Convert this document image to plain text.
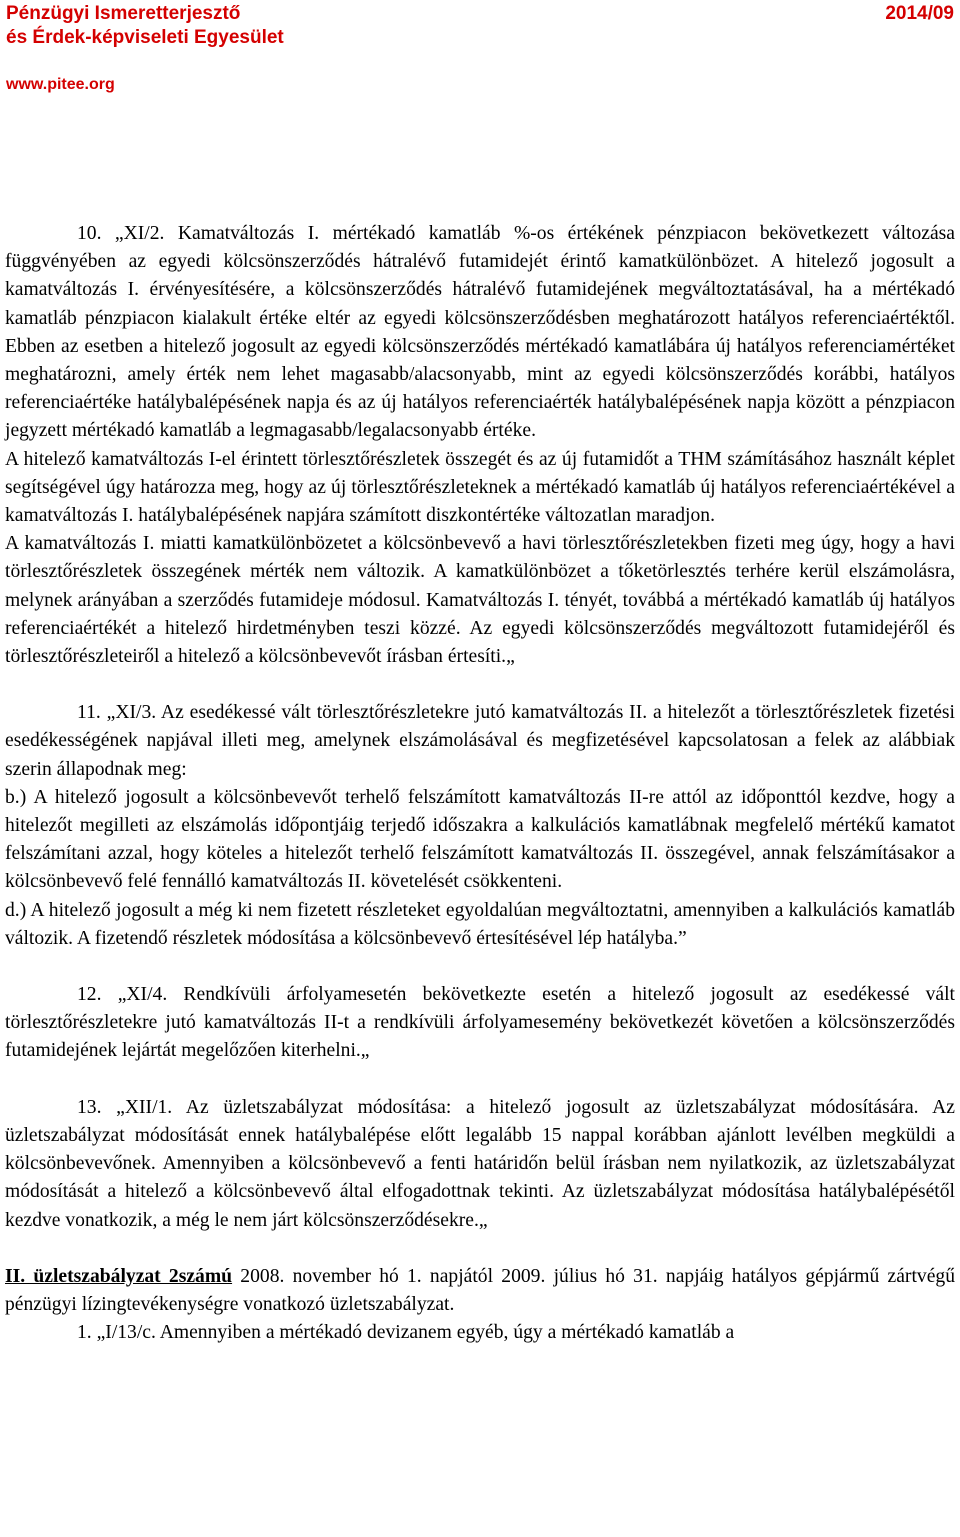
Pénzügyi Ismeretterjesztő
és Érdek-képviseleti Egyesület
2014/09
www.pitee.org

10. „XI/2. Kamatváltozás I. mértékadó kamatláb %-os értékének pénzpiacon bekövetkezett változása függvényében az egyedi kölcsönszerződés hátralévő futamidejét érintő kamatkülönbözet. A hitelező jogosult a kamatváltozás I. érvényesítésére, a kölcsönszerződés hátralévő futamidejének megváltoztatásával, ha a mértékadó kamatláb pénzpiacon kialakult értéke eltér az egyedi kölcsönszerződésben meghatározott hatályos referenciaértéktől. Ebben az esetben a hitelező jogosult az egyedi kölcsönszerződés mértékadó kamatlábára új hatályos referenciamértéket meghatározni, amely érték nem lehet magasabb/alacsonyabb, mint az egyedi kölcsönszerződés korábbi, hatályos referenciaértéke hatálybalépésének napja és az új hatályos referenciaérték hatálybalépésének napja között a pénzpiacon jegyzett mértékadó kamatláb a legmagasabb/legalacsonyabb értéke.

A hitelező kamatváltozás I-el érintett törlesztőrészletek összegét és az új futamidőt a THM számításához használt képlet segítségével úgy határozza meg, hogy az új törlesztőrészleteknek a mértékadó kamatláb új hatályos referenciaértékével a kamatváltozás I. hatálybalépésének napjára számított diszkontértéke változatlan maradjon.

A kamatváltozás I. miatti kamatkülönbözetet a kölcsönbevevő a havi törlesztőrészletekben fizeti meg úgy, hogy a havi törlesztőrészletek összegének mérték nem változik. A kamatkülönbözet a tőketörlesztés terhére kerül elszámolásra, melynek arányában a szerződés futamideje módosul. Kamatváltozás I. tényét, továbbá a mértékadó kamatláb új hatályos referenciaértékét a hitelező hirdetményben teszi közzé. Az egyedi kölcsönszerződés megváltozott futamidejéről és törlesztőrészleteiről a hitelező a kölcsönbevevőt írásban értesíti.„

11. „XI/3. Az esedékessé vált törlesztőrészletekre jutó kamatváltozás II. a hitelezőt a törlesztőrészletek fizetési esedékességének napjával illeti meg, amelynek elszámolásával és megfizetésével kapcsolatosan a felek az alábbiak szerin állapodnak meg:

b.) A hitelező jogosult a kölcsönbevevőt terhelő felszámított kamatváltozás II-re attól az időponttól kezdve, hogy a hitelezőt megilleti az elszámolás időpontjáig terjedő időszakra a kalkulációs kamatlábnak megfelelő mértékű kamatot felszámítani azzal, hogy köteles a hitelezőt terhelő felszámított kamatváltozás II. összegével, annak felszámításakor a kölcsönbevevő felé fennálló kamatváltozás II. követelését csökkenteni.

d.) A hitelező jogosult a még ki nem fizetett részleteket egyoldalúan megváltoztatni, amennyiben a kalkulációs kamatláb változik. A fizetendő részletek módosítása a kölcsönbevevő értesítésével lép hatályba.”

12. „XI/4. Rendkívüli árfolyamesetén bekövetkezte esetén a hitelező jogosult az esedékessé vált törlesztőrészletekre jutó kamatváltozás II-t a rendkívüli árfolyamesemény bekövetkezét követően a kölcsönszerződés futamidejének lejártát megelőzően kiterhelni.„

13. „XII/1. Az üzletszabályzat módosítása: a hitelező jogosult az üzletszabályzat módosítására. Az üzletszabályzat módosítását ennek hatálybalépése előtt legalább 15 nappal korábban ajánlott levélben megküldi a kölcsönbevevőnek. Amennyiben a kölcsönbevevő a fenti határidőn belül írásban nem nyilatkozik, az üzletszabályzat módosítását a hitelező a kölcsönbevevő által elfogadottnak tekinti. Az üzletszabályzat módosítása hatálybalépésétől kezdve vonatkozik, a még le nem járt kölcsönszerződésekre.„

II. üzletszabályzat 2számú 2008. november hó 1. napjától 2009. július hó 31. napjáig hatályos gépjármű zártvégű pénzügyi lízingtevékenységre vonatkozó üzletszabályzat.

1. „I/13/c. Amennyiben a mértékadó devizanem egyéb, úgy a mértékadó kamatláb a
